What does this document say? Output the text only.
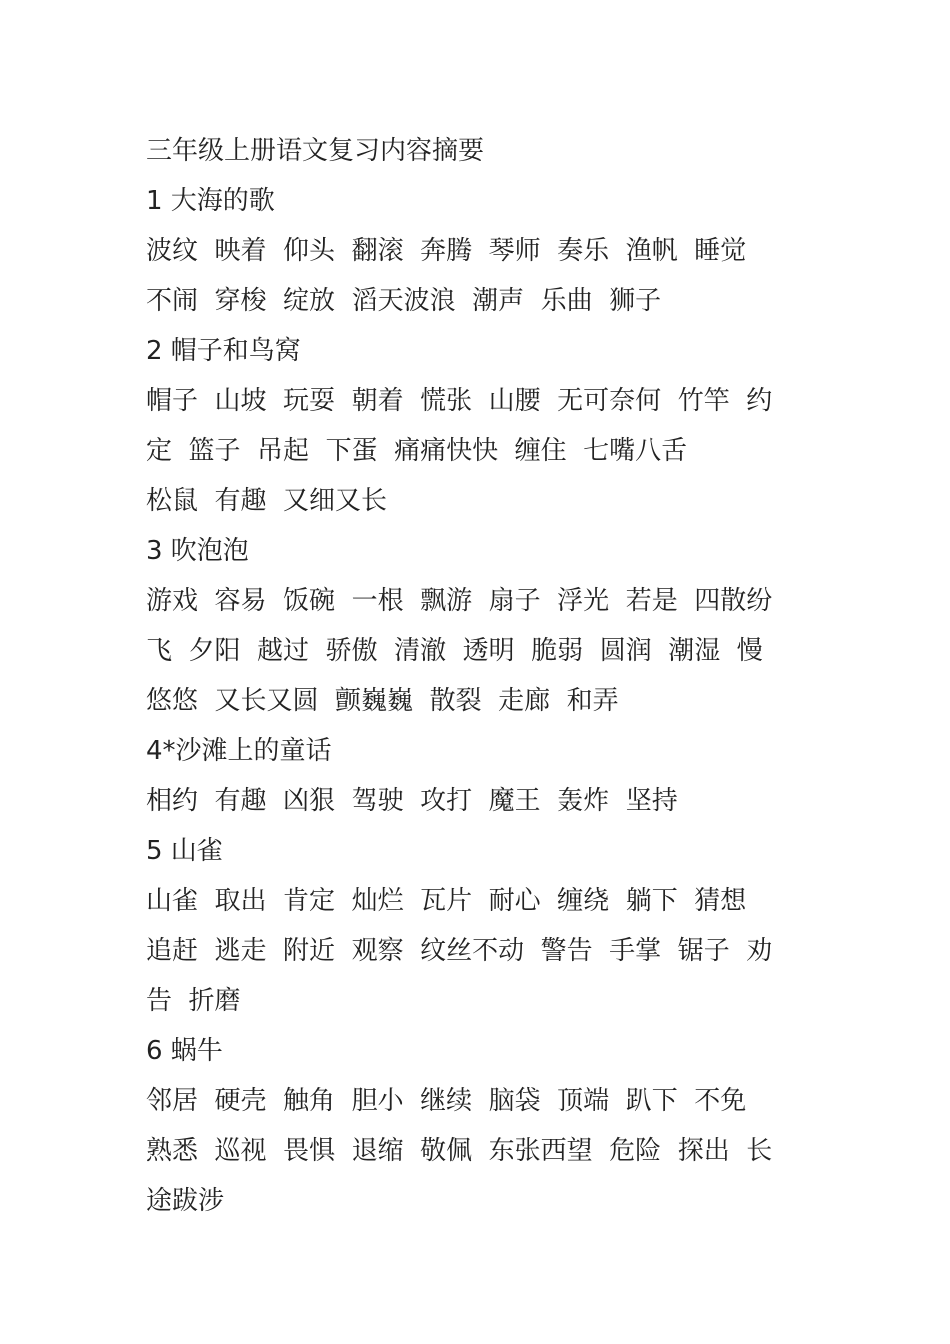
三年级上册语文复习内容摘要
1 大海的歌
波纹  映着  仰头  翻滚  奔腾  琴师  奏乐  渔帆  睡觉
不闹  穿梭  绽放  滔天波浪  潮声  乐曲  狮子
2 帽子和鸟窝
帽子  山坡  玩耍  朝着  慌张  山腰  无可奈何  竹竿  约
定  篮子  吊起  下蛋  痛痛快快  缠住  七嘴八舌
松鼠  有趣  又细又长
3 吹泡泡
游戏  容易  饭碗  一根  飘游  扇子  浮光  若是  四散纷
飞  夕阳  越过  骄傲  清澈  透明  脆弱  圆润  潮湿  慢
悠悠  又长又圆  颤巍巍  散裂  走廊  和弄
4*沙滩上的童话
相约  有趣  凶狠  驾驶  攻打  魔王  轰炸  坚持
5 山雀
山雀  取出  肯定  灿烂  瓦片  耐心  缠绕  躺下  猜想
追赶  逃走  附近  观察  纹丝不动  警告  手掌  锯子  劝
告  折磨
6 蜗牛
邻居  硬壳  触角  胆小  继续  脑袋  顶端  趴下  不免
熟悉  巡视  畏惧  退缩  敬佩  东张西望  危险  探出  长
途跋涉
